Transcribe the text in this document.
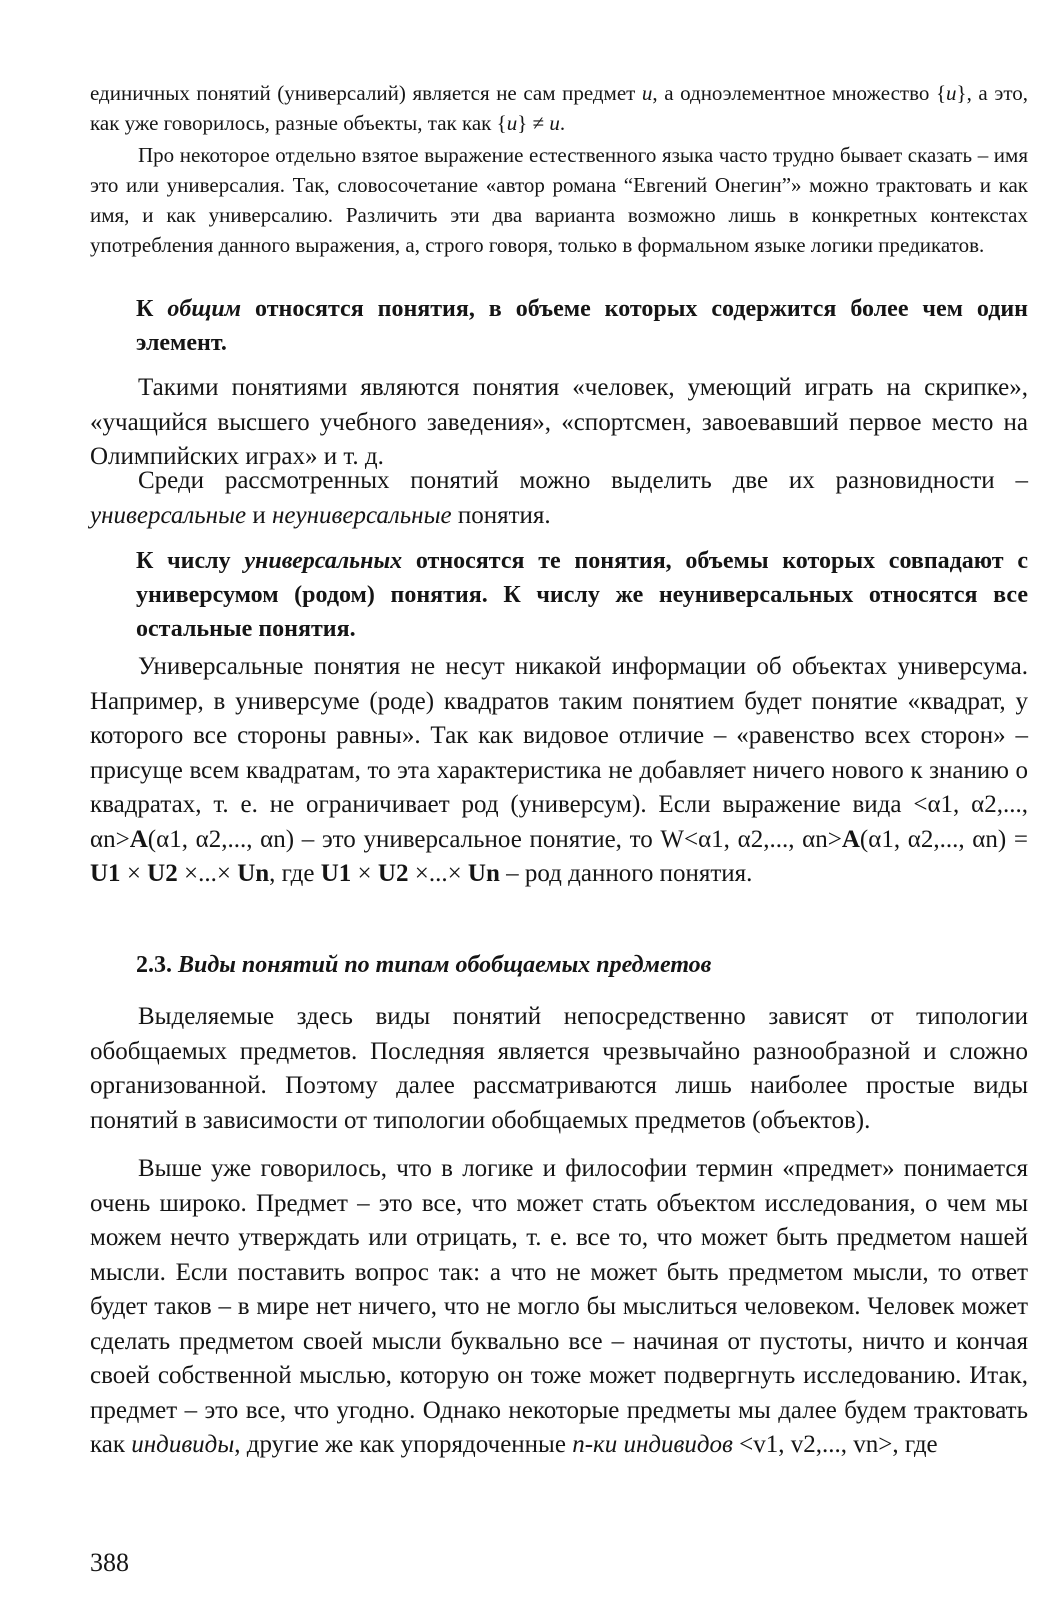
единичных понятий (универсалий) является не сам предмет u, а одноэлементное множество {u}, а это, как уже говорилось, разные объекты, так как {u} ≠ u.

Про некоторое отдельно взятое выражение естественного языка часто трудно бывает сказать – имя это или универсалия. Так, словосочетание «автор романа “Евгений Онегин”» можно трактовать и как имя, и как универсалию. Различить эти два варианта возможно лишь в конкретных контекстах употребления данного выражения, а, строго говоря, только в формальном языке логики предикатов.

К общим относятся понятия, в объеме которых содержится более чем один элемент.

Такими понятиями являются понятия «человек, умеющий играть на скрипке», «учащийся высшего учебного заведения», «спортсмен, завоевавший первое место на Олимпийских играх» и т. д.

Среди рассмотренных понятий можно выделить две их разновидности – универсальные и неуниверсальные понятия.

К числу универсальных относятся те понятия, объемы которых совпадают с универсумом (родом) понятия. К числу же неуниверсальных относятся все остальные понятия.

Универсальные понятия не несут никакой информации об объектах универсума. Например, в универсуме (роде) квадратов таким понятием будет понятие «квадрат, у которого все стороны равны». Так как видовое отличие – «равенство всех сторон» – присуще всем квадратам, то эта характеристика не добавляет ничего нового к знанию о квадратах, т. е. не ограничивает род (универсум). Если выражение вида <α1, α2,..., αn>A(α1, α2,..., αn) – это универсальное понятие, то W<α1, α2,..., αn>A(α1, α2,..., αn) = U1 × U2 ×...× Un, где U1 × U2 ×...× Un – род данного понятия.

2.3. Виды понятий по типам обобщаемых предметов

Выделяемые здесь виды понятий непосредственно зависят от типологии обобщаемых предметов. Последняя является чрезвычайно разнообразной и сложно организованной. Поэтому далее рассматриваются лишь наиболее простые виды понятий в зависимости от типологии обобщаемых предметов (объектов).

Выше уже говорилось, что в логике и философии термин «предмет» понимается очень широко. Предмет – это все, что может стать объектом исследования, о чем мы можем нечто утверждать или отрицать, т. е. все то, что может быть предметом нашей мысли. Если поставить вопрос так: а что не может быть предметом мысли, то ответ будет таков – в мире нет ничего, что не могло бы мыслиться человеком. Человек может сделать предметом своей мысли буквально все – начиная от пустоты, ничто и кончая своей собственной мыслью, которую он тоже может подвергнуть исследованию. Итак, предмет – это все, что угодно. Однако некоторые предметы мы далее будем трактовать как индивиды, другие же как упорядоченные n-ки индивидов <v1, v2,..., vn>, где

388
